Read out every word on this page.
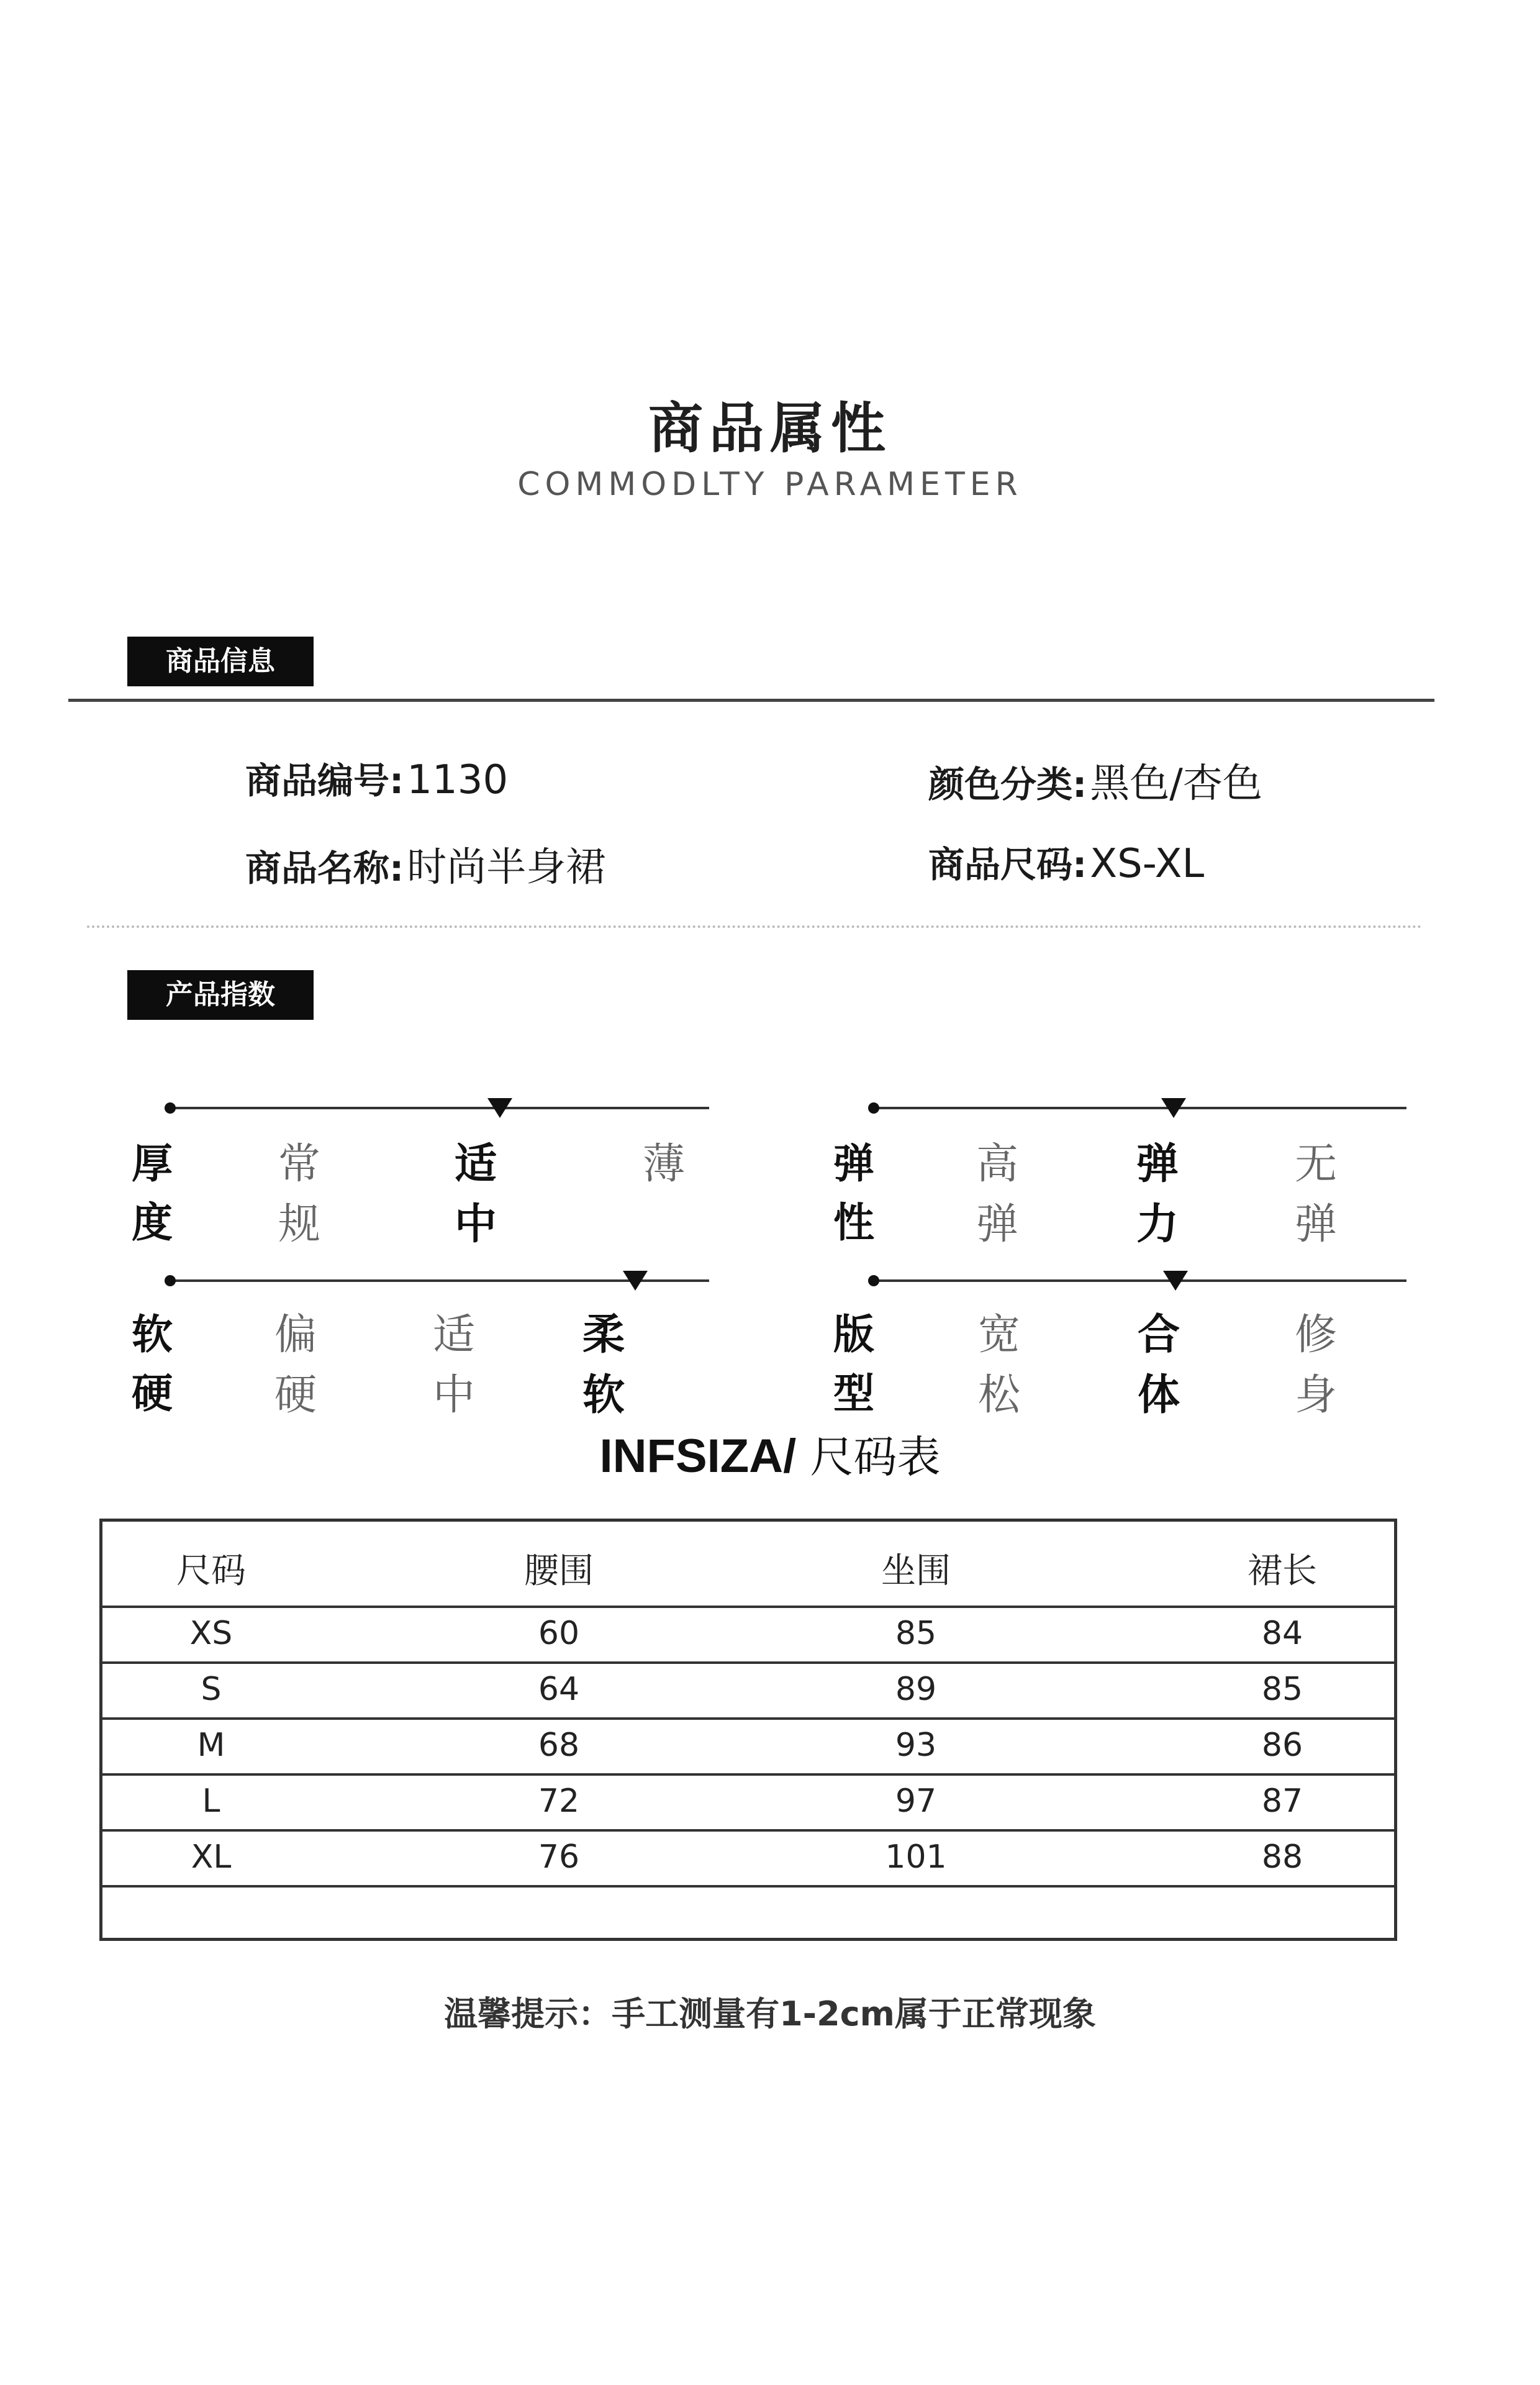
商品属性
COMMODLTY PARAMETER
商品信息
商品编号: 1130	颜色分类: 黑色/杏色
商品名称: 时尚半身裙	商品尺码: XS-XL
产品指数
厚度
常规
适中
薄	弹性
高弹
弹力
无弹
软硬
偏硬
适中
柔软
版型
宽松
合体
修身
INFSIZA/ 尺码表
尺码	腰围	坐围	裙长
XS	60	85	84
S	64	89	85
M	68	93	86
L	72	97	87
XL	76	101	88
温馨提示：手工测量有1-2cm属于正常现象
